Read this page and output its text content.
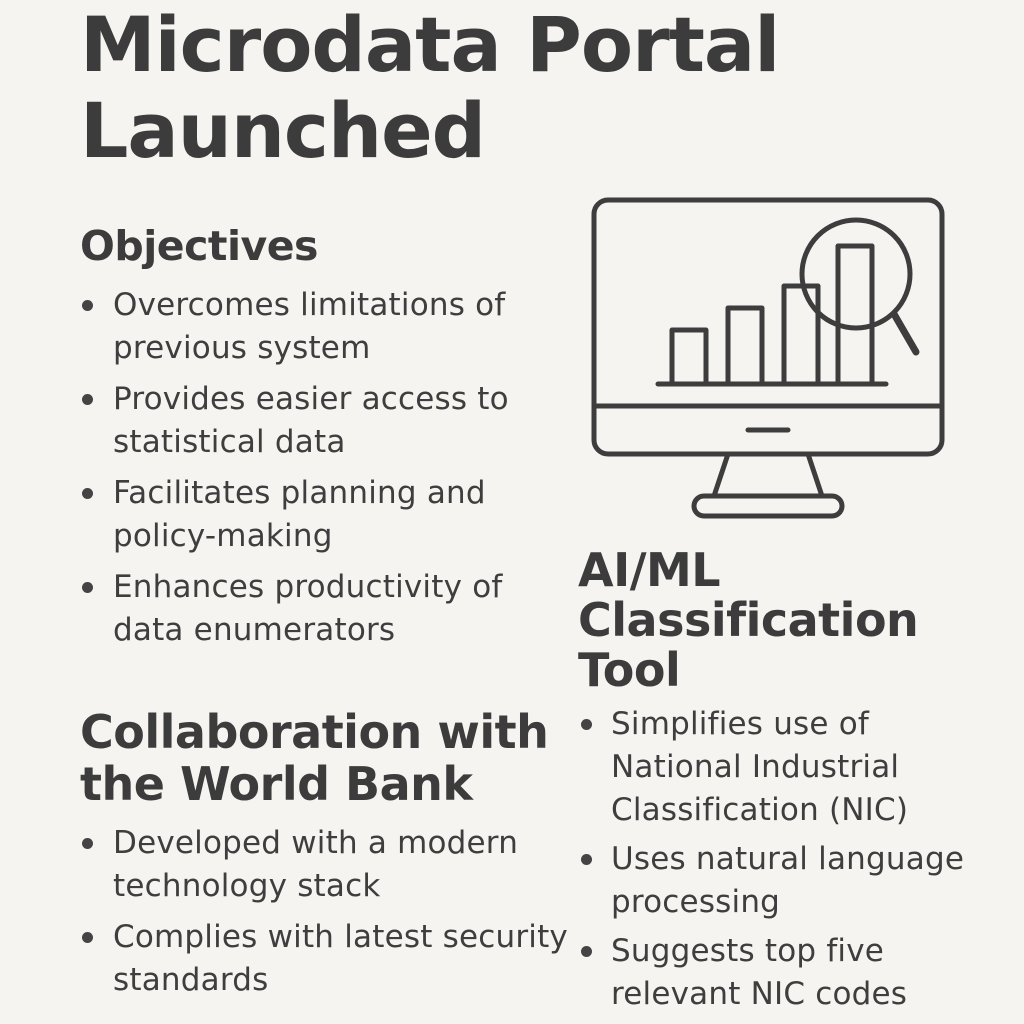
Microdata Portal Launched
Objectives
Overcomes limitations of previous system
Provides easier access to statistical data
Facilitates planning and policy-making
Enhances productivity of data enumerators
Collaboration with the World Bank
Developed with a modern technology stack
Complies with latest security standards
AI/ML Classification Tool
Simplifies use of National Industrial Classification (NIC)
Uses natural language processing
Suggests top five relevant NIC codes
